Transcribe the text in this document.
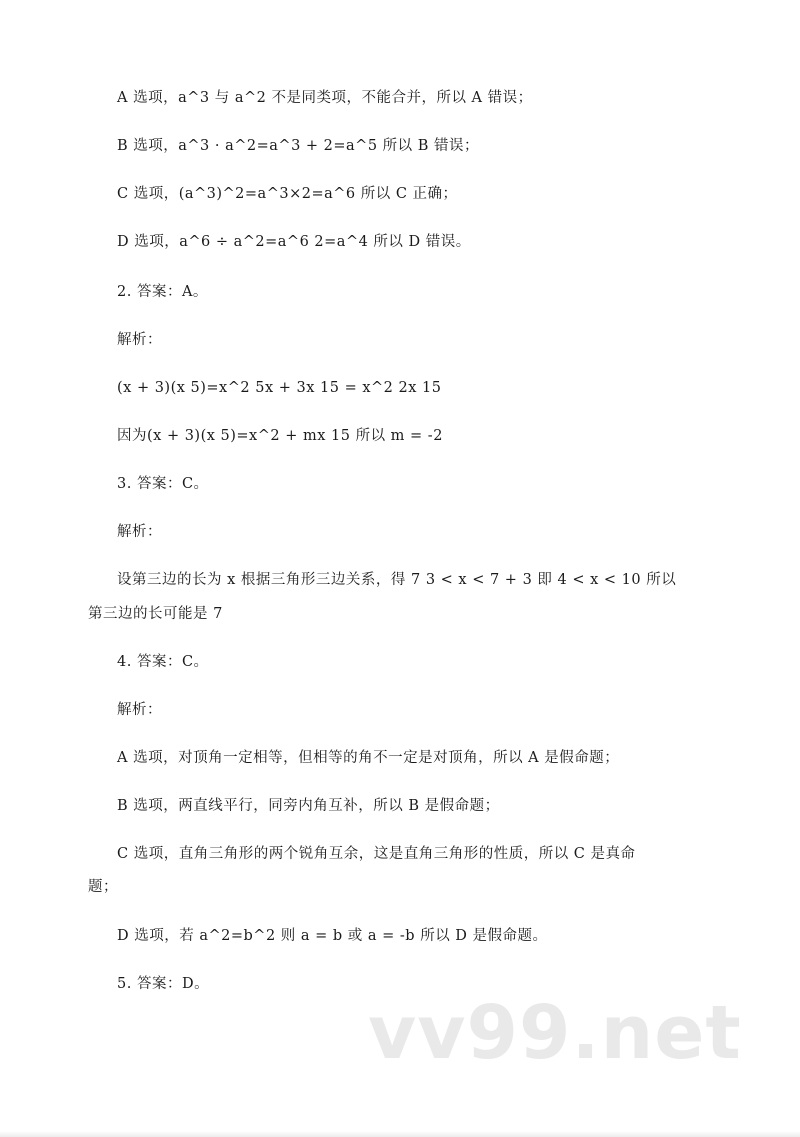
A 选项，a^3 与 a^2 不是同类项，不能合并，所以 A 错误；
B 选项，a^3 · a^2=a^3 + 2=a^5 所以 B 错误；
C 选项，(a^3)^2=a^3×2=a^6 所以 C 正确；
D 选项，a^6 ÷ a^2=a^6 2=a^4 所以 D 错误。
2. 答案：A。
解析：
(x + 3)(x 5)=x^2 5x + 3x 15 = x^2 2x 15
因为(x + 3)(x 5)=x^2 + mx 15 所以 m = -2
3. 答案：C。
解析：
设第三边的长为 x 根据三角形三边关系，得 7 3 < x < 7 + 3 即 4 < x < 10 所以
第三边的长可能是 7
4. 答案：C。
解析：
A 选项，对顶角一定相等，但相等的角不一定是对顶角，所以 A 是假命题；
B 选项，两直线平行，同旁内角互补，所以 B 是假命题；
C 选项，直角三角形的两个锐角互余，这是直角三角形的性质，所以 C 是真命
题；
D 选项，若 a^2=b^2 则 a = b 或 a = -b 所以 D 是假命题。
5. 答案：D。
vv99.net
